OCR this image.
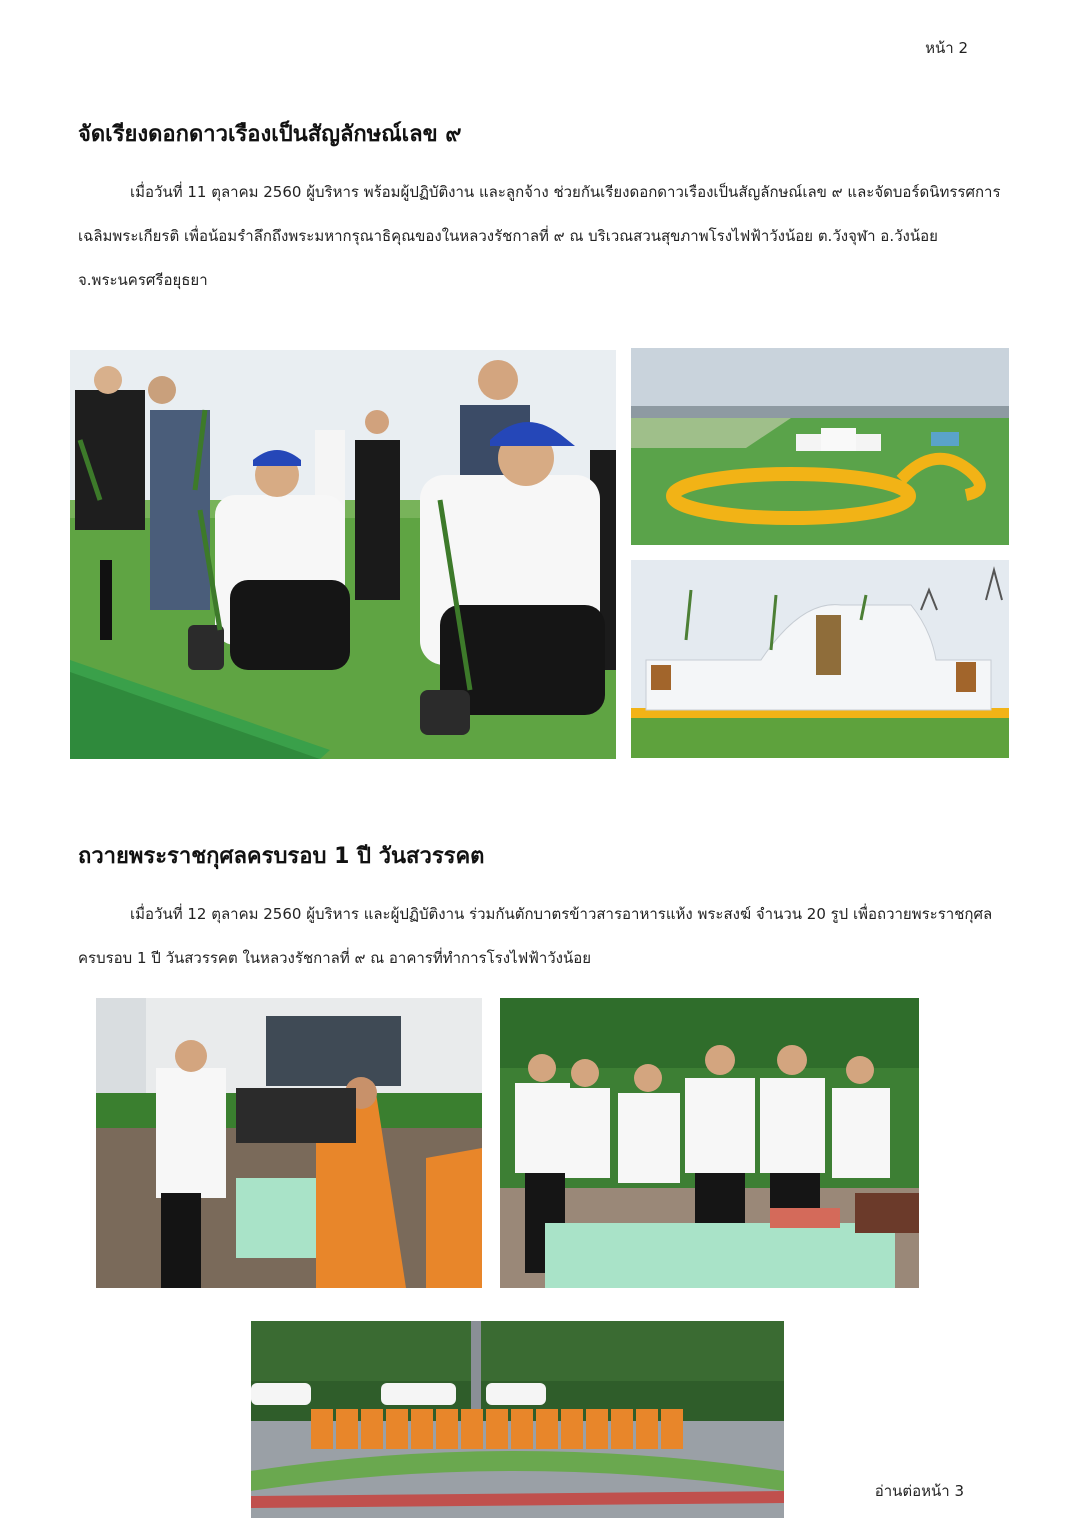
หน้า 2
จัดเรียงดอกดาวเรืองเป็นสัญลักษณ์เลข ๙
เมื่อวันที่ 11 ตุลาคม 2560 ผู้บริหาร พร้อมผู้ปฏิบัติงาน และลูกจ้าง ช่วยกันเรียงดอกดาวเรืองเป็นสัญลักษณ์เลข ๙ และจัดบอร์ดนิทรรศการเฉลิมพระเกียรติ เพื่อน้อมรำลึกถึงพระมหากรุณาธิคุณของในหลวงรัชกาลที่ ๙ ณ บริเวณสวนสุขภาพโรงไฟฟ้าวังน้อย ต.วังจุฬา อ.วังน้อย จ.พระนครศรีอยุธยา
ถวายพระราชกุศลครบรอบ 1 ปี วันสวรรคต
เมื่อวันที่ 12 ตุลาคม 2560 ผู้บริหาร และผู้ปฏิบัติงาน ร่วมกันตักบาตรข้าวสารอาหารแห้ง พระสงฆ์ จำนวน 20 รูป เพื่อถวายพระราชกุศล ครบรอบ 1 ปี วันสวรรคต ในหลวงรัชกาลที่ ๙ ณ อาคารที่ทำการโรงไฟฟ้าวังน้อย
อ่านต่อหน้า 3
